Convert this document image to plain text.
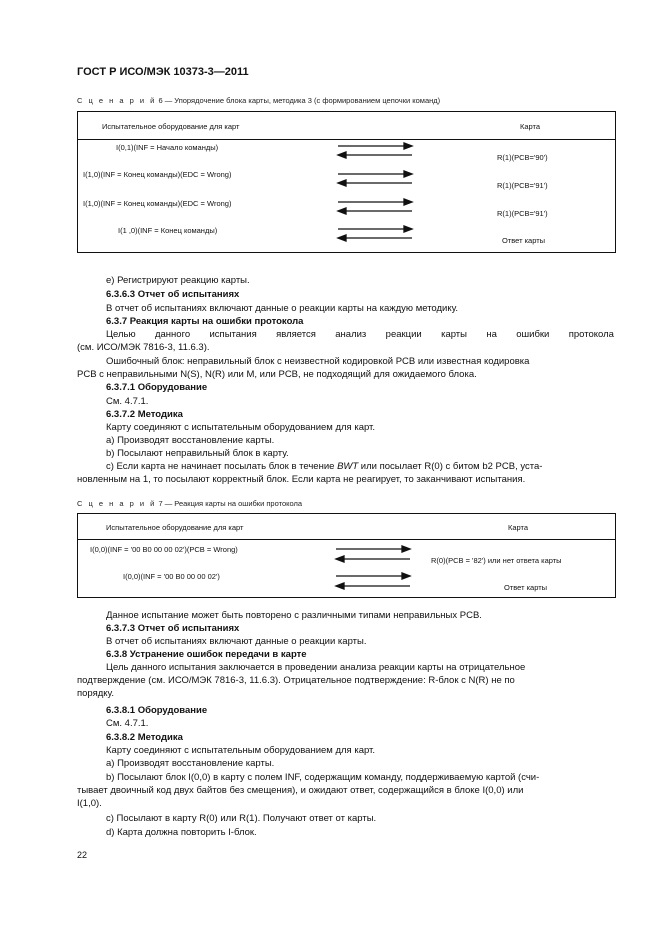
ГОСТ Р ИСО/МЭК 10373-3—2011
С ц е н а р и й 6 — Упорядочение блока карты, методика 3 (с формированием цепочки команд)
Испытательное оборудование для карт	Карта
I(0,1)(INF = Начало команды)
I(1,0)(INF = Конец команды)(EDC = Wrong)
I(1,0)(INF = Конец команды)(EDC = Wrong)
I(1 ,0)(INF = Конец команды)
R(1)(PCB='90')
R(1)(PCB='91')
R(1)(PCB='91')
Ответ карты
е) Регистрируют реакцию карты.
6.3.6.3 Отчет об испытаниях
В отчет об испытаниях включают данные о реакции карты на каждую методику.
6.3.7 Реакция карты на ошибки протокола
Целью данного испытания является анализ реакции карты на ошибки протокола
(см. ИСО/МЭК 7816-3, 11.6.3).
Ошибочный блок: неправильный блок с неизвестной кодировкой PCB или известная кодировка
PCB с неправильными N(S), N(R) или M, или PCB, не подходящий для ожидаемого блока.
6.3.7.1 Оборудование
См. 4.7.1.
6.3.7.2 Методика
Карту соединяют с испытательным оборудованием для карт.
а) Производят восстановление карты.
b) Посылают неправильный блок в карту.
с) Если карта не начинает посылать блок в течение BWT или посылает R(0) с битом b2 PCB, уста-
новленным на 1, то посылают корректный блок. Если карта не реагирует, то заканчивают испытания.
С ц е н а р и й 7 — Реакция карты на ошибки протокола
Испытательное оборудование для карт	Карта
I(0,0)(INF = '00 B0 00 00 02')(PCB = Wrong)
I(0,0)(INF = '00 B0 00 00 02')
R(0)(PCB = '82') или нет ответа карты
Ответ карты
Данное испытание может быть повторено с различными типами неправильных PCB.
6.3.7.3 Отчет об испытаниях
В отчет об испытаниях включают данные о реакции карты.
6.3.8 Устранение ошибок передачи в карте
Цель данного испытания заключается в проведении анализа реакции карты на отрицательное
подтверждение (см. ИСО/МЭК 7816-3, 11.6.3). Отрицательное подтверждение: R-блок с N(R) не по
порядку.
6.3.8.1 Оборудование
См. 4.7.1.
6.3.8.2 Методика
Карту соединяют с испытательным оборудованием для карт.
а) Производят восстановление карты.
b) Посылают блок I(0,0) в карту с полем INF, содержащим команду, поддерживаемую картой (счи-
тывает двоичный код двух байтов без смещения), и ожидают ответ, содержащийся в блоке I(0,0) или
I(1,0).
с) Посылают в карту R(0) или R(1). Получают ответ от карты.
d) Карта должна повторить I-блок.
22
